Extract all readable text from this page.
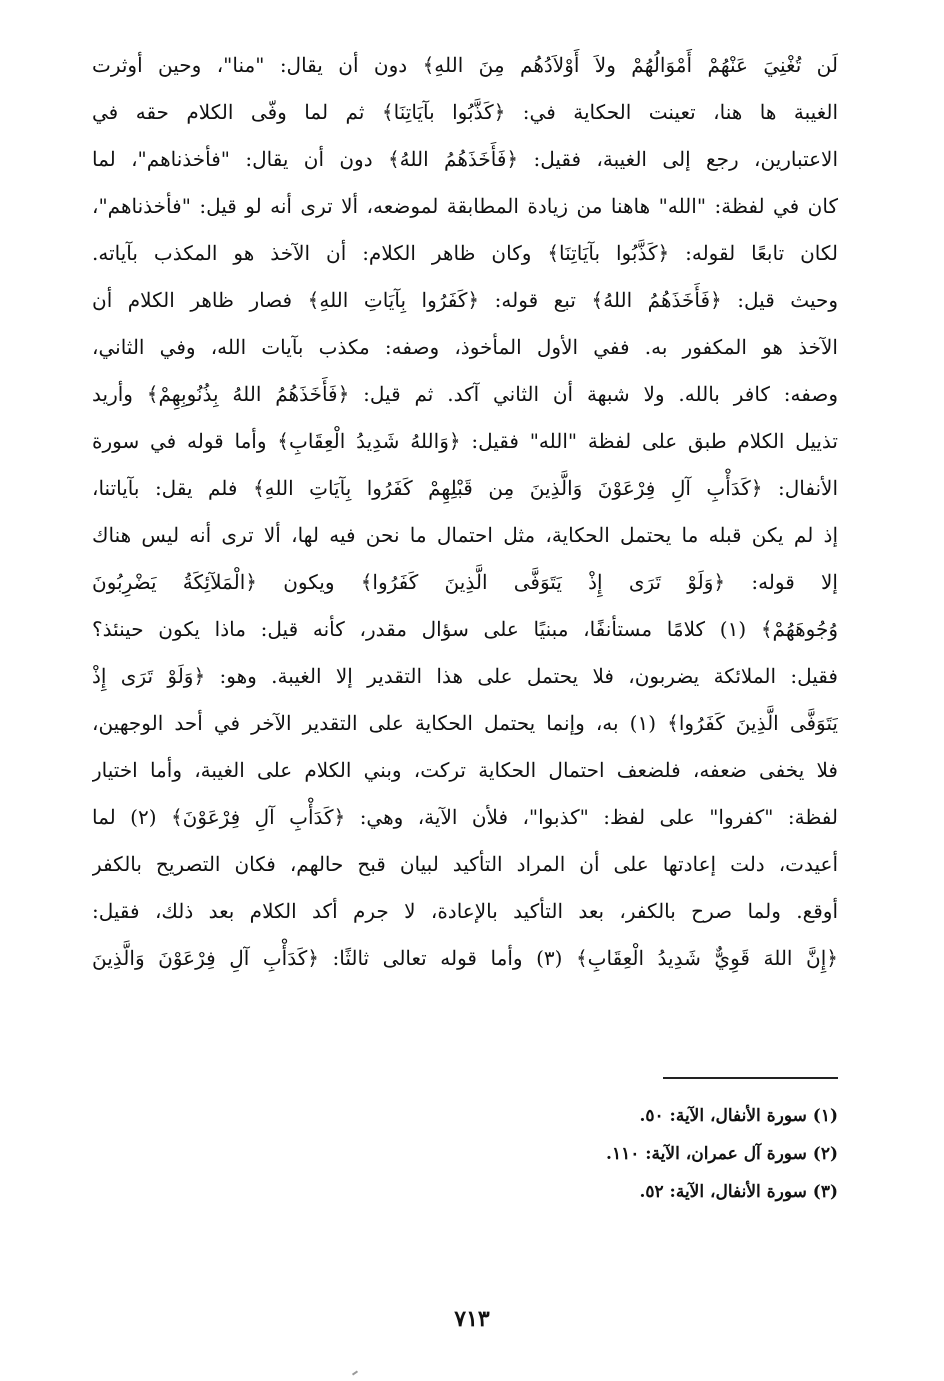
لَن تُغْنِيَ عَنْهُمْ أَمْوَالُهُمْ ولاَ أَوْلاَدُهُم مِنَ اللهِ﴾ دون أن يقال: "منا"، وحين أوثرت
الغيبة ها هنا، تعينت الحكاية في: ﴿كَذَّبُوا بآيَاتِنَا﴾ ثم لما وفّى الكلام حقه في
الاعتبارين، رجع إلى الغيبة، فقيل: ﴿فَأَخَذَهُمُ اللهُ﴾ دون أن يقال: "فأخذناهم"، لما
كان في لفظة: "الله" هاهنا من زيادة المطابقة لموضعه، ألا ترى أنه لو قيل: "فأخذناهم"،
لكان تابعًا لقوله: ﴿كَذَّبُوا بآيَاتِنَا﴾ وكان ظاهر الكلام: أن الآخذ هو المكذب بآياته.
وحيث قيل: ﴿فَأَخَذَهُمُ اللهُ﴾ تبع قوله: ﴿كَفَرُوا بِآيَاتِ اللهِ﴾ فصار ظاهر الكلام أن
الآخذ هو المكفور به. ففي الأول المأخوذ، وصفه: مكذب بآيات الله، وفي الثاني،
وصفه: كافر بالله. ولا شبهة أن الثاني آكد. ثم قيل: ﴿فَأَخَذَهُمُ اللهُ بِذُنُوبِهِمْ﴾ وأريد
تذييل الكلام طبق على لفظة "الله" فقيل: ﴿وَاللهُ شَدِيدُ الْعِقَابِ﴾ وأما قوله في سورة
الأنفال: ﴿كَدَأْبِ آلِ فِرْعَوْنَ وَالَّذِينَ مِن قَبْلِهِمْ كَفَرُوا بِآيَاتِ اللهِ﴾ فلم يقل: بآياتنا،
إذ لم يكن قبله ما يحتمل الحكاية، مثل احتمال ما نحن فيه لها، ألا ترى أنه ليس هناك
إلا قوله: ﴿وَلَوْ تَرَى إِذْ يَتَوَفَّى الَّذِينَ كَفَرُوا﴾ ويكون ﴿الْمَلآئِكَةُ يَضْرِبُونَ
وُجُوهَهُمْ﴾ (١) كلامًا مستأنفًا، مبنيًا على سؤال مقدر، كأنه قيل: ماذا يكون حينئذ؟
فقيل: الملائكة يضربون، فلا يحتمل على هذا التقدير إلا الغيبة. وهو: ﴿وَلَوْ تَرَى إِذْ
يَتَوَفَّى الَّذِينَ كَفَرُوا﴾ (١) به، وإنما يحتمل الحكاية على التقدير الآخر في أحد الوجهين،
فلا يخفى ضعفه، فلضعف احتمال الحكاية تركت، وبني الكلام على الغيبة، وأما اختيار
لفظة: "كفروا" على لفظ: "كذبوا"، فلأن الآية، وهي: ﴿كَدَأْبِ آلِ فِرْعَوْنَ﴾ (٢) لما
أعيدت، دلت إعادتها على أن المراد التأكيد لبيان قبح حالهم، فكان التصريح بالكفر
أوقع. ولما صرح بالكفر، بعد التأكيد بالإعادة، لا جرم أكد الكلام بعد ذلك، فقيل:
﴿إِنَّ اللهَ قَوِيٌّ شَدِيدُ الْعِقَابِ﴾ (٣) وأما قوله تعالى ثالثًا: ﴿كَدَأْبِ آلِ فِرْعَوْنَ وَالَّذِينَ
(١) سورة الأنفال، الآية: ٥٠.
(٢) سورة آل عمران، الآية: ١١٠.
(٣) سورة الأنفال، الآية: ٥٢.
٧١٣
